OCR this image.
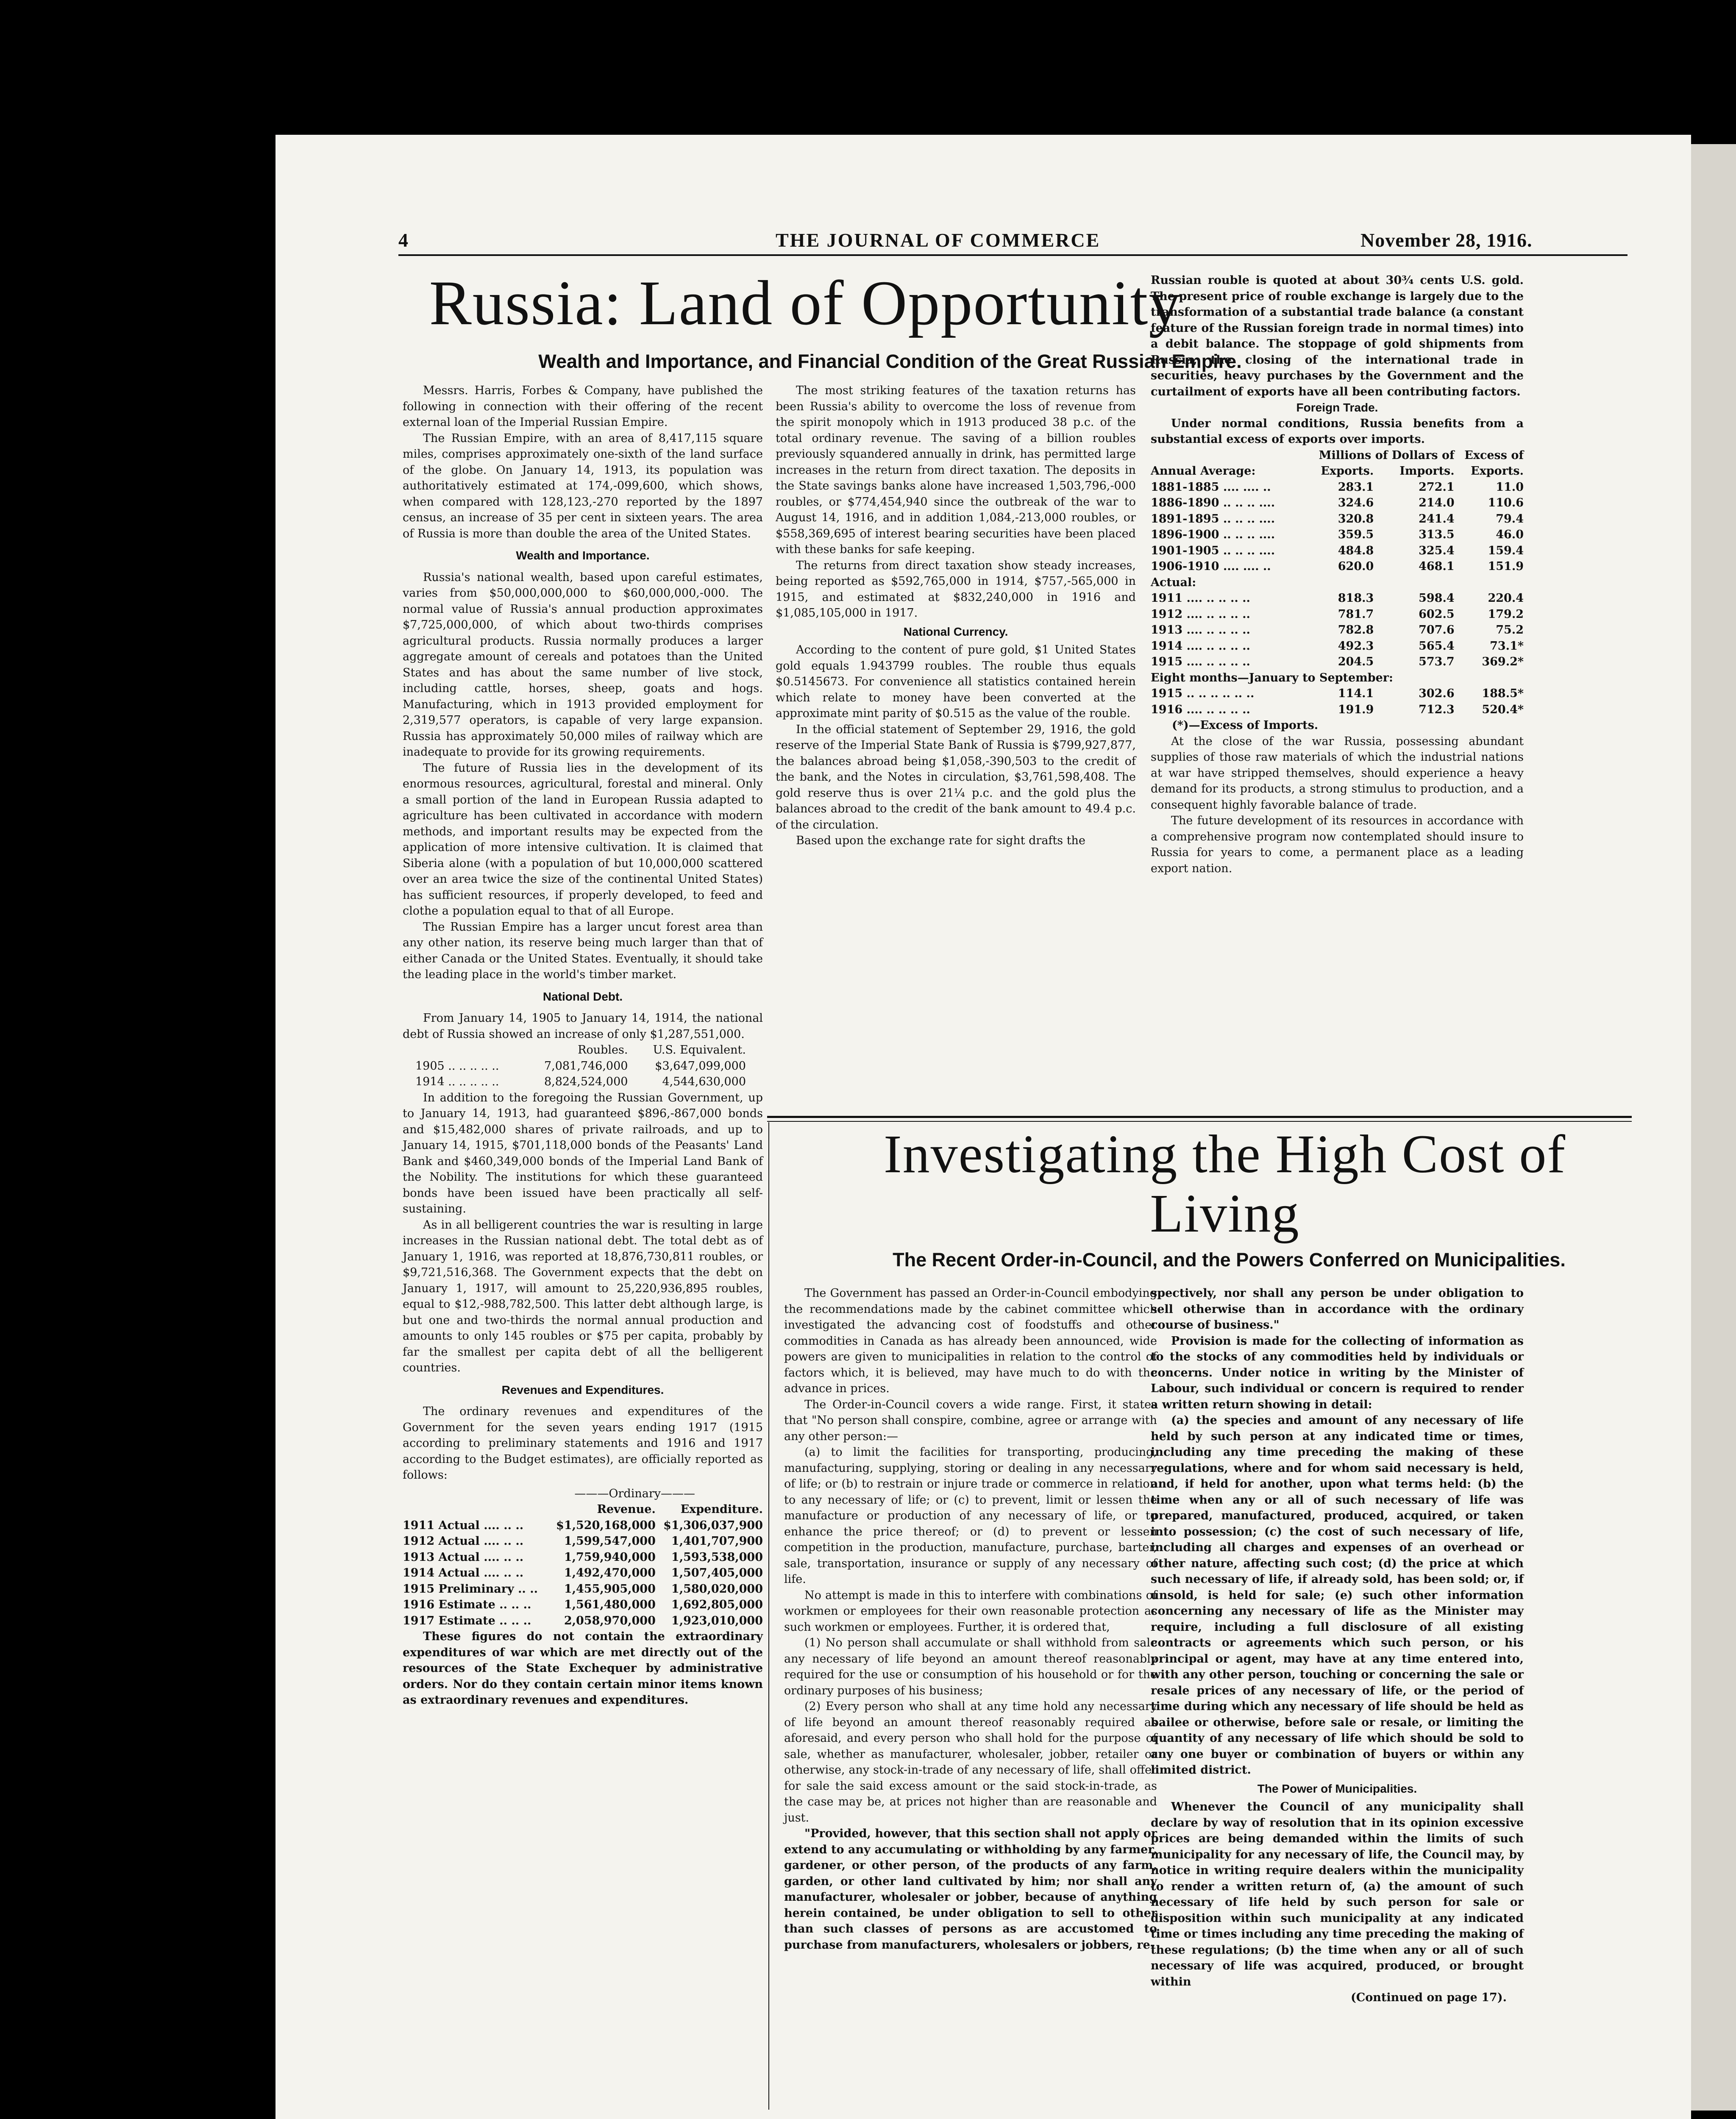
4	THE JOURNAL OF COMMERCE	November 28, 1916.
Russia: Land of Opportunity
Wealth and Importance, and Financial Condition of the Great Russian Empire.

Messrs. Harris, Forbes & Company, have published the following in connection with their offering of the recent external loan of the Imperial Russian Empire.

The Russian Empire, with an area of 8,417,115 square miles, comprises approximately one-sixth of the land surface of the globe. On January 14, 1913, its population was authoritatively estimated at 174,-099,600, which shows, when compared with 128,123,-270 reported by the 1897 census, an increase of 35 per cent in sixteen years. The area of Russia is more than double the area of the United States.

Wealth and Importance.

Russia's national wealth, based upon careful estimates, varies from $50,000,000,000 to $60,000,000,-000. The normal value of Russia's annual production approximates $7,725,000,000, of which about two-thirds comprises agricultural products. Russia normally produces a larger aggregate amount of cereals and potatoes than the United States and has about the same number of live stock, including cattle, horses, sheep, goats and hogs. Manufacturing, which in 1913 provided employment for 2,319,577 operators, is capable of very large expansion. Russia has approximately 50,000 miles of railway which are inadequate to provide for its growing requirements.

The future of Russia lies in the development of its enormous resources, agricultural, forestal and mineral. Only a small portion of the land in European Russia adapted to agriculture has been cultivated in accordance with modern methods, and important results may be expected from the application of more intensive cultivation. It is claimed that Siberia alone (with a population of but 10,000,000 scattered over an area twice the size of the continental United States) has sufficient resources, if properly developed, to feed and clothe a population equal to that of all Europe.

The Russian Empire has a larger uncut forest area than any other nation, its reserve being much larger than that of either Canada or the United States. Eventually, it should take the leading place in the world's timber market.

National Debt.

From January 14, 1905 to January 14, 1914, the national debt of Russia showed an increase of only $1,287,551,000.

	Roubles.	U.S. Equivalent.
1905 .. .. .. .. ..	7,081,746,000	$3,647,099,000
1914 .. .. .. .. ..	8,824,524,000	4,544,630,000

In addition to the foregoing the Russian Government, up to January 14, 1913, had guaranteed $896,-867,000 bonds and $15,482,000 shares of private railroads, and up to January 14, 1915, $701,118,000 bonds of the Peasants' Land Bank and $460,349,000 bonds of the Imperial Land Bank of the Nobility. The institutions for which these guaranteed bonds have been issued have been practically all self-sustaining.

As in all belligerent countries the war is resulting in large increases in the Russian national debt. The total debt as of January 1, 1916, was reported at 18,876,730,811 roubles, or $9,721,516,368. The Government expects that the debt on January 1, 1917, will amount to 25,220,936,895 roubles, equal to $12,-988,782,500. This latter debt although large, is but one and two-thirds the normal annual production and amounts to only 145 roubles or $75 per capita, probably by far the smallest per capita debt of all the belligerent countries.

Revenues and Expenditures.

The ordinary revenues and expenditures of the Government for the seven years ending 1917 (1915 according to preliminary statements and 1916 and 1917 according to the Budget estimates), are officially reported as follows:

———Ordinary———
	Revenue.	Expenditure.
1911 Actual .... .. ..	$1,520,168,000	$1,306,037,900
1912 Actual .... .. ..	1,599,547,000	1,401,707,900
1913 Actual .... .. ..	1,759,940,000	1,593,538,000
1914 Actual .... .. ..	1,492,470,000	1,507,405,000
1915 Preliminary .. ..	1,455,905,000	1,580,020,000
1916 Estimate .. .. ..	1,561,480,000	1,692,805,000
1917 Estimate .. .. ..	2,058,970,000	1,923,010,000

These figures do not contain the extraordinary expenditures of war which are met directly out of the resources of the State Exchequer by administrative orders. Nor do they contain certain minor items known as extraordinary revenues and expenditures.

The most striking features of the taxation returns has been Russia's ability to overcome the loss of revenue from the spirit monopoly which in 1913 produced 38 p.c. of the total ordinary revenue. The saving of a billion roubles previously squandered annually in drink, has permitted large increases in the return from direct taxation. The deposits in the State savings banks alone have increased 1,503,796,-000 roubles, or $774,454,940 since the outbreak of the war to August 14, 1916, and in addition 1,084,-213,000 roubles, or $558,369,695 of interest bearing securities have been placed with these banks for safe keeping.

The returns from direct taxation show steady increases, being reported as $592,765,000 in 1914, $757,-565,000 in 1915, and estimated at $832,240,000 in 1916 and $1,085,105,000 in 1917.

National Currency.

According to the content of pure gold, $1 United States gold equals 1.943799 roubles. The rouble thus equals $0.5145673. For convenience all statistics contained herein which relate to money have been converted at the approximate mint parity of $0.515 as the value of the rouble.

In the official statement of September 29, 1916, the gold reserve of the Imperial State Bank of Russia is $799,927,877, the balances abroad being $1,058,-390,503 to the credit of the bank, and the Notes in circulation, $3,761,598,408. The gold reserve thus is over 21¼ p.c. and the gold plus the balances abroad to the credit of the bank amount to 49.4 p.c. of the circulation.

Based upon the exchange rate for sight drafts the

Russian rouble is quoted at about 30¾ cents U.S. gold. The present price of rouble exchange is largely due to the transformation of a substantial trade balance (a constant feature of the Russian foreign trade in normal times) into a debit balance. The stoppage of gold shipments from Russia, the closing of the international trade in securities, heavy purchases by the Government and the curtailment of exports have all been contributing factors.

Foreign Trade.

Under normal conditions, Russia benefits from a substantial excess of exports over imports.

	Millions of Dollars of		Excess of
Annual Average:	Exports.	Imports.	Exports.
1881-1885 .... .... ..	283.1	272.1	11.0
1886-1890 .. .. .. ....	324.6	214.0	110.6
1891-1895 .. .. .. ....	320.8	241.4	79.4
1896-1900 .. .. .. ....	359.5	313.5	46.0
1901-1905 .. .. .. ....	484.8	325.4	159.4
1906-1910 .... .... ..	620.0	468.1	151.9
Actual:			
1911 .... .. .. .. ..	818.3	598.4	220.4
1912 .... .. .. .. ..	781.7	602.5	179.2
1913 .... .. .. .. ..	782.8	707.6	75.2
1914 .... .. .. .. ..	492.3	565.4	73.1*
1915 .... .. .. .. ..	204.5	573.7	369.2*
Eight months—January to September:			
1915 .. .. .. .. .. ..	114.1	302.6	188.5*
1916 .... .. .. .. ..	191.9	712.3	520.4*
(*)—Excess of Imports.

At the close of the war Russia, possessing abundant supplies of those raw materials of which the industrial nations at war have stripped themselves, should experience a heavy demand for its products, a strong stimulus to production, and a consequent highly favorable balance of trade.

The future development of its resources in accordance with a comprehensive program now contemplated should insure to Russia for years to come, a permanent place as a leading export nation.

Investigating the High Cost of
Living
The Recent Order-in-Council, and the Powers Conferred on Municipalities.

The Government has passed an Order-in-Council embodying the recommendations made by the cabinet committee which investigated the advancing cost of foodstuffs and other commodities in Canada as has already been announced, wide powers are given to municipalities in relation to the control of factors which, it is believed, may have much to do with the advance in prices.

The Order-in-Council covers a wide range. First, it states that "No person shall conspire, combine, agree or arrange with any other person:—

(a) to limit the facilities for transporting, producing, manufacturing, supplying, storing or dealing in any necessary of life; or (b) to restrain or injure trade or commerce in relation to any necessary of life; or (c) to prevent, limit or lessen the manufacture or production of any necessary of life, or to enhance the price thereof; or (d) to prevent or lessen competition in the production, manufacture, purchase, barter, sale, transportation, insurance or supply of any necessary of life.

No attempt is made in this to interfere with combinations of workmen or employees for their own reasonable protection as such workmen or employees. Further, it is ordered that,

(1) No person shall accumulate or shall withhold from sale any necessary of life beyond an amount thereof reasonably required for the use or consumption of his household or for the ordinary purposes of his business;

(2) Every person who shall at any time hold any necessary of life beyond an amount thereof reasonably required as aforesaid, and every person who shall hold for the purpose of sale, whether as manufacturer, wholesaler, jobber, retailer or otherwise, any stock-in-trade of any necessary of life, shall offer for sale the said excess amount or the said stock-in-trade, as the case may be, at prices not higher than are reasonable and just.

"Provided, however, that this section shall not apply or extend to any accumulating or withholding by any farmer, gardener, or other person, of the products of any farm, garden, or other land cultivated by him; nor shall any manufacturer, wholesaler or jobber, because of anything herein contained, be under obligation to sell to other than such classes of persons as are accustomed to purchase from manufacturers, wholesalers or jobbers, re-

spectively, nor shall any person be under obligation to sell otherwise than in accordance with the ordinary course of business."

Provision is made for the collecting of information as to the stocks of any commodities held by individuals or concerns. Under notice in writing by the Minister of Labour, such individual or concern is required to render a written return showing in detail:

(a) the species and amount of any necessary of life held by such person at any indicated time or times, including any time preceding the making of these regulations, where and for whom said necessary is held, and, if held for another, upon what terms held: (b) the time when any or all of such necessary of life was prepared, manufactured, produced, acquired, or taken into possession; (c) the cost of such necessary of life, including all charges and expenses of an overhead or other nature, affecting such cost; (d) the price at which such necessary of life, if already sold, has been sold; or, if unsold, is held for sale; (e) such other information concerning any necessary of life as the Minister may require, including a full disclosure of all existing contracts or agreements which such person, or his principal or agent, may have at any time entered into, with any other person, touching or concerning the sale or resale prices of any necessary of life, or the period of time during which any necessary of life should be held as bailee or otherwise, before sale or resale, or limiting the quantity of any necessary of life which should be sold to any one buyer or combination of buyers or within any limited district.

The Power of Municipalities.

Whenever the Council of any municipality shall declare by way of resolution that in its opinion excessive prices are being demanded within the limits of such municipality for any necessary of life, the Council may, by notice in writing require dealers within the municipality to render a written return of, (a) the amount of such necessary of life held by such person for sale or disposition within such municipality at any indicated time or times including any time preceding the making of these regulations; (b) the time when any or all of such necessary of life was acquired, produced, or brought within

(Continued on page 17).
